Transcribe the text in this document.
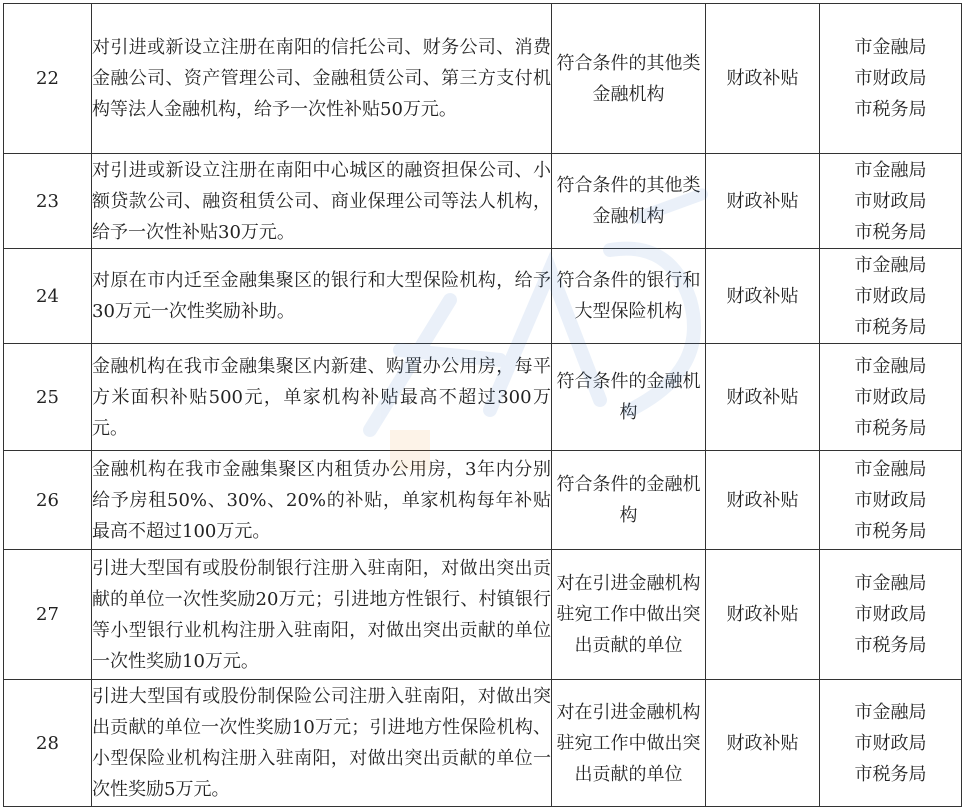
22	对引进或新设立注册在南阳的信托公司、财务公司、消费金融公司、资产管理公司、金融租赁公司、第三方支付机构等法人金融机构，给予一次性补贴50万元。	符合条件的其他类金融机构	财政补贴	市金融局
市财政局
市税务局

23	对引进或新设立注册在南阳中心城区的融资担保公司、小额贷款公司、融资租赁公司、商业保理公司等法人机构，给予一次性补贴30万元。	符合条件的其他类金融机构	财政补贴	市金融局
市财政局
市税务局

24	对原在市内迁至金融集聚区的银行和大型保险机构，给予30万元一次性奖励补助。	符合条件的银行和大型保险机构	财政补贴	市金融局
市财政局
市税务局

25	金融机构在我市金融集聚区内新建、购置办公用房，每平方米面积补贴500元，单家机构补贴最高不超过300万元。	符合条件的金融机构	财政补贴	市金融局
市财政局
市税务局

26	金融机构在我市金融集聚区内租赁办公用房，3年内分别给予房租50%、30%、20%的补贴，单家机构每年补贴最高不超过100万元。	符合条件的金融机构	财政补贴	市金融局
市财政局
市税务局

27	引进大型国有或股份制银行注册入驻南阳，对做出突出贡献的单位一次性奖励20万元；引进地方性银行、村镇银行等小型银行业机构注册入驻南阳，对做出突出贡献的单位一次性奖励10万元。	对在引进金融机构驻宛工作中做出突出贡献的单位	财政补贴	市金融局
市财政局
市税务局

28	引进大型国有或股份制保险公司注册入驻南阳，对做出突出贡献的单位一次性奖励10万元；引进地方性保险机构、小型保险业机构注册入驻南阳，对做出突出贡献的单位一次性奖励5万元。	对在引进金融机构驻宛工作中做出突出贡献的单位	财政补贴	市金融局
市财政局
市税务局
